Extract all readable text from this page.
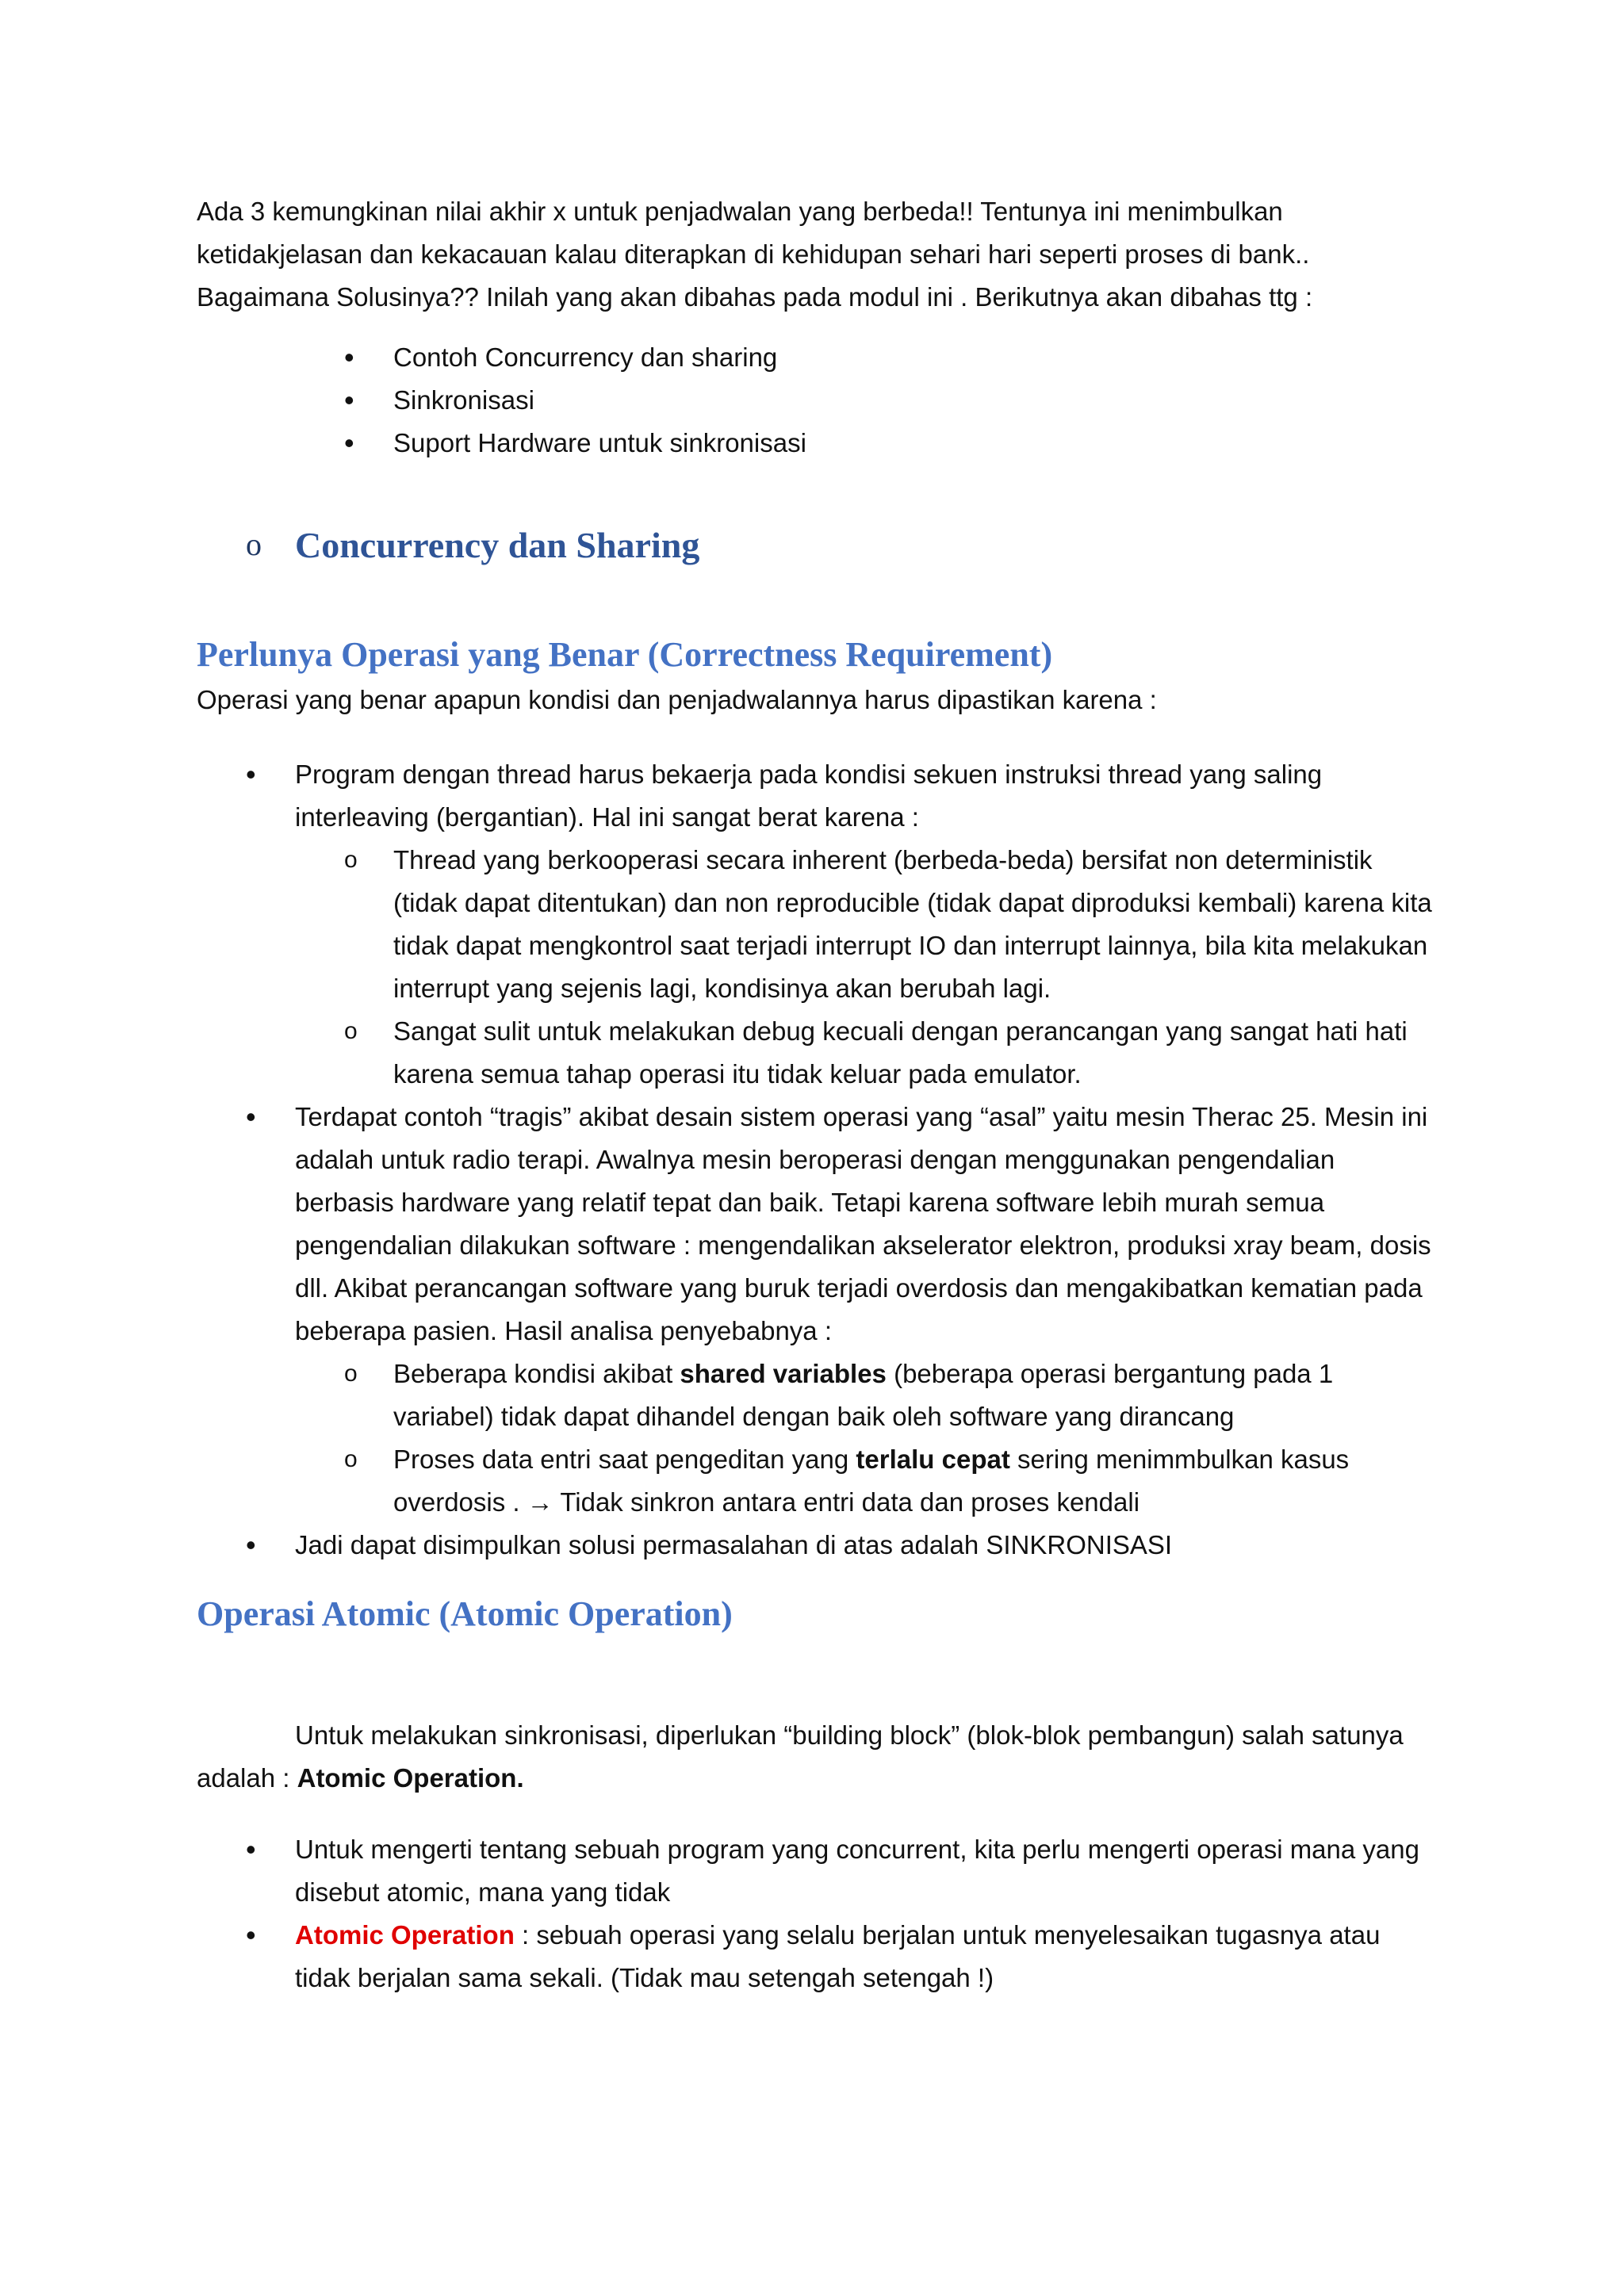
Ada 3 kemungkinan nilai akhir x untuk penjadwalan yang berbeda!! Tentunya ini menimbulkan ketidakjelasan dan kekacauan kalau diterapkan di kehidupan sehari hari seperti proses di bank.. Bagaimana Solusinya?? Inilah yang akan dibahas pada modul ini . Berikutnya akan dibahas ttg :

• Contoh Concurrency dan sharing
• Sinkronisasi
• Suport Hardware untuk sinkronisasi
o Concurrency dan Sharing
Perlunya Operasi yang Benar (Correctness Requirement)

Operasi yang benar apapun kondisi dan penjadwalannya harus dipastikan karena :

• Program dengan thread harus bekaerja pada kondisi sekuen instruksi thread yang saling interleaving (bergantian). Hal ini sangat berat karena :
o Thread yang berkooperasi secara inherent (berbeda-beda) bersifat non deterministik (tidak dapat ditentukan) dan non reproducible (tidak dapat diproduksi kembali) karena kita tidak dapat mengkontrol saat terjadi interrupt IO dan interrupt lainnya, bila kita melakukan interrupt yang sejenis lagi, kondisinya akan berubah lagi.
o Sangat sulit untuk melakukan debug kecuali dengan perancangan yang sangat hati hati karena semua tahap operasi itu tidak keluar pada emulator.
• Terdapat contoh “tragis” akibat desain sistem operasi yang “asal” yaitu mesin Therac 25. Mesin ini adalah untuk radio terapi. Awalnya mesin beroperasi dengan menggunakan pengendalian berbasis hardware yang relatif tepat dan baik. Tetapi karena software lebih murah semua pengendalian dilakukan software : mengendalikan akselerator elektron, produksi xray beam, dosis dll. Akibat perancangan software yang buruk terjadi overdosis dan mengakibatkan kematian pada beberapa pasien. Hasil analisa penyebabnya :
o Beberapa kondisi akibat shared variables (beberapa operasi bergantung pada 1 variabel) tidak dapat dihandel dengan baik oleh software yang dirancang
o Proses data entri saat pengeditan yang terlalu cepat sering menimmbulkan kasus overdosis . → Tidak sinkron antara entri data dan proses kendali
• Jadi dapat disimpulkan solusi permasalahan di atas adalah SINKRONISASI
Operasi Atomic (Atomic Operation)

Untuk melakukan sinkronisasi, diperlukan “building block” (blok-blok pembangun) salah satunya adalah : Atomic Operation.

• Untuk mengerti tentang sebuah program yang concurrent, kita perlu mengerti operasi mana yang disebut atomic, mana yang tidak
• Atomic Operation : sebuah operasi yang selalu berjalan untuk menyelesaikan tugasnya atau tidak berjalan sama sekali. (Tidak mau setengah setengah !)
